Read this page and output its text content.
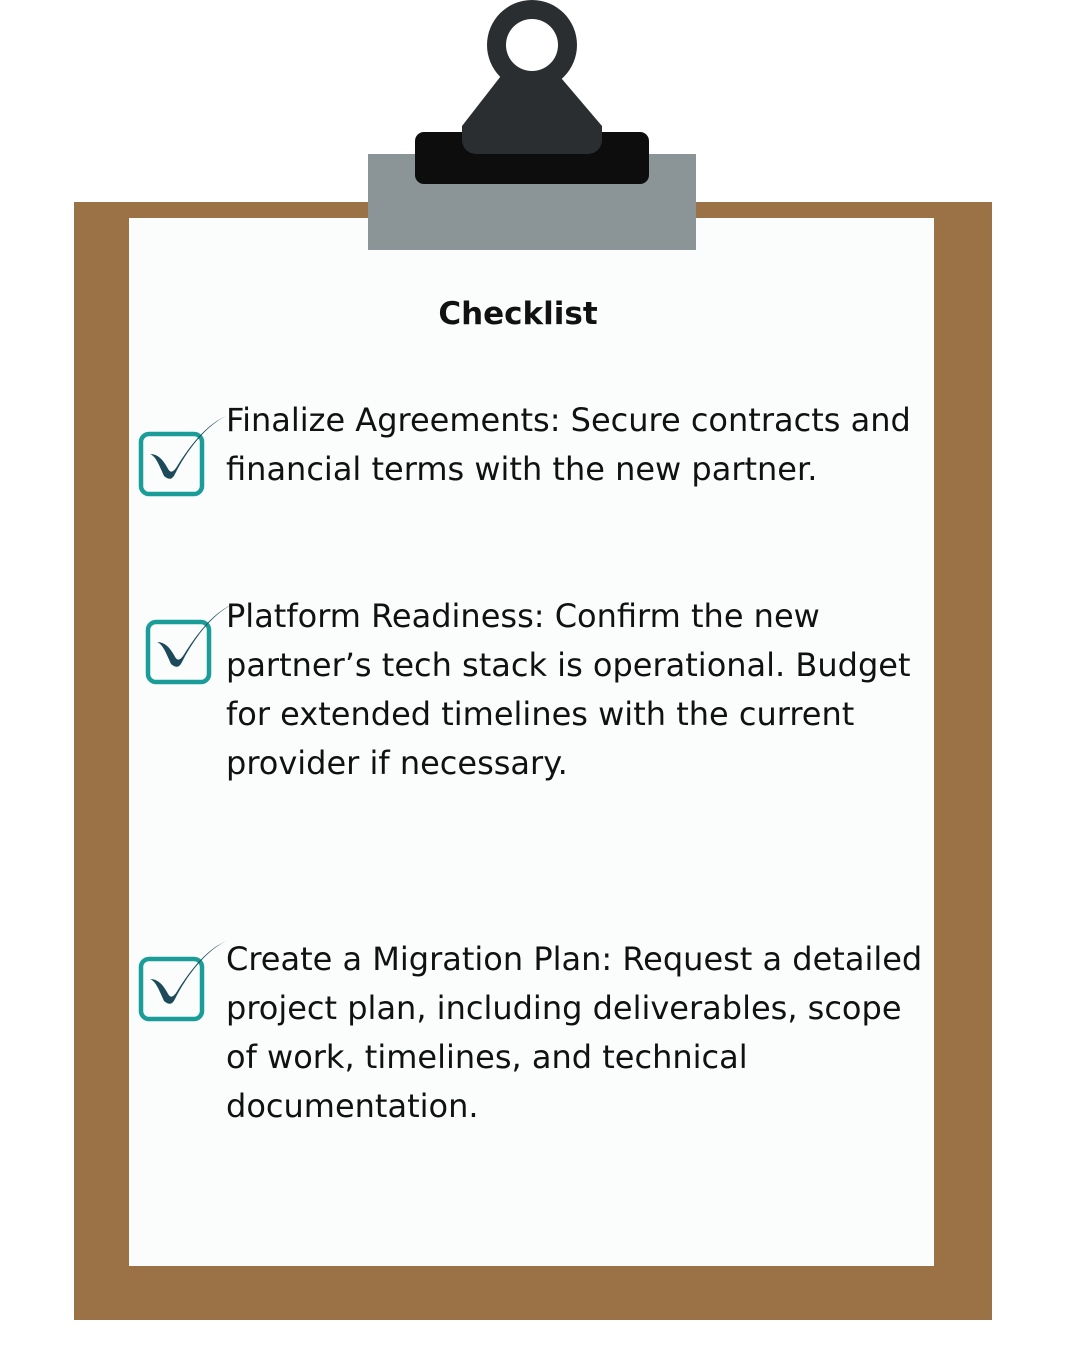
Checklist

Finalize Agreements: Secure contracts and financial terms with the new partner.

Platform Readiness: Confirm the new partner’s tech stack is operational. Budget for extended timelines with the current provider if necessary.

Create a Migration Plan: Request a detailed project plan, including deliverables, scope of work, timelines, and technical documentation.
